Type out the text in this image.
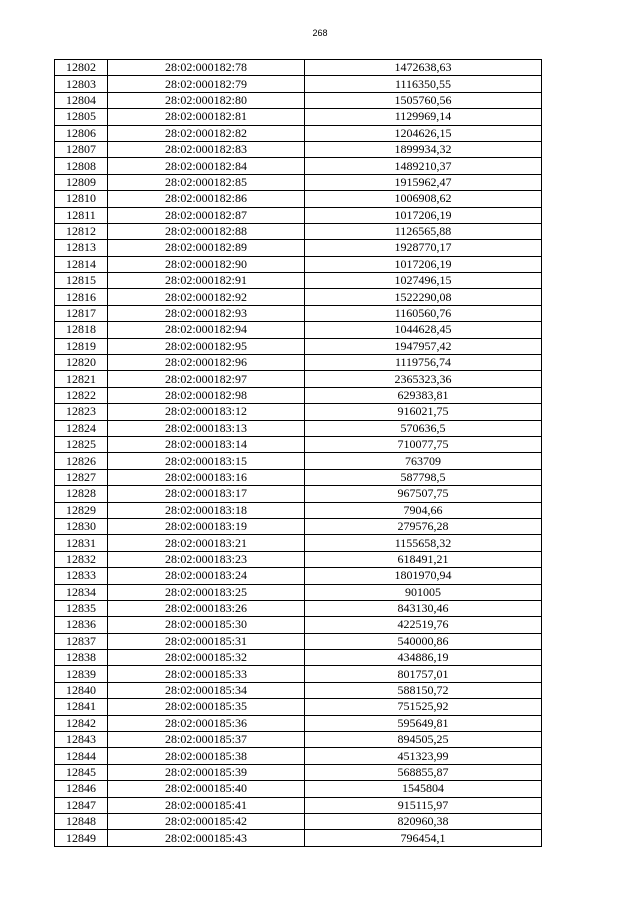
268
12802	28:02:000182:78	1472638,63
12803	28:02:000182:79	1116350,55
12804	28:02:000182:80	1505760,56
12805	28:02:000182:81	1129969,14
12806	28:02:000182:82	1204626,15
12807	28:02:000182:83	1899934,32
12808	28:02:000182:84	1489210,37
12809	28:02:000182:85	1915962,47
12810	28:02:000182:86	1006908,62
12811	28:02:000182:87	1017206,19
12812	28:02:000182:88	1126565,88
12813	28:02:000182:89	1928770,17
12814	28:02:000182:90	1017206,19
12815	28:02:000182:91	1027496,15
12816	28:02:000182:92	1522290,08
12817	28:02:000182:93	1160560,76
12818	28:02:000182:94	1044628,45
12819	28:02:000182:95	1947957,42
12820	28:02:000182:96	1119756,74
12821	28:02:000182:97	2365323,36
12822	28:02:000182:98	629383,81
12823	28:02:000183:12	916021,75
12824	28:02:000183:13	570636,5
12825	28:02:000183:14	710077,75
12826	28:02:000183:15	763709
12827	28:02:000183:16	587798,5
12828	28:02:000183:17	967507,75
12829	28:02:000183:18	7904,66
12830	28:02:000183:19	279576,28
12831	28:02:000183:21	1155658,32
12832	28:02:000183:23	618491,21
12833	28:02:000183:24	1801970,94
12834	28:02:000183:25	901005
12835	28:02:000183:26	843130,46
12836	28:02:000185:30	422519,76
12837	28:02:000185:31	540000,86
12838	28:02:000185:32	434886,19
12839	28:02:000185:33	801757,01
12840	28:02:000185:34	588150,72
12841	28:02:000185:35	751525,92
12842	28:02:000185:36	595649,81
12843	28:02:000185:37	894505,25
12844	28:02:000185:38	451323,99
12845	28:02:000185:39	568855,87
12846	28:02:000185:40	1545804
12847	28:02:000185:41	915115,97
12848	28:02:000185:42	820960,38
12849	28:02:000185:43	796454,1
